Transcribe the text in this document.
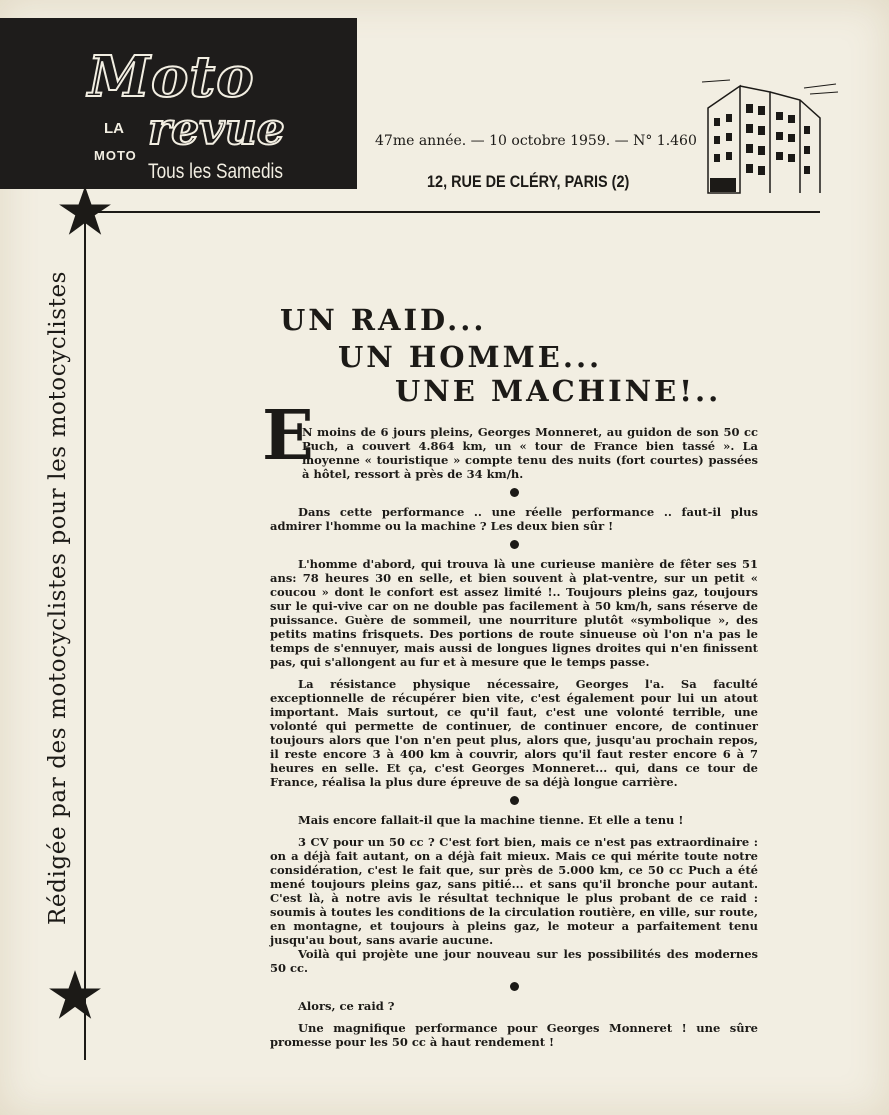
Moto
LA
MOTO
revue
Tous les Samedis
47me année. — 10 octobre 1959. — N° 1.460
12, RUE DE CLÉRY, PARIS (2)
Rédigée par des motocyclistes pour les motocyclistes	UN RAID...
UN HOMME...
UNE MACHINE!..
E

N moins de 6 jours pleins, Georges Monneret, au guidon de son 50 cc Puch, a couvert 4.864 km, un « tour de France bien tassé ». La moyenne « touristique » compte tenu des nuits (fort courtes) passées à hôtel, ressort à près de 34 km/h.

Dans cette performance .. une réelle performance .. faut-il plus admirer l'homme ou la machine ? Les deux bien sûr !

L'homme d'abord, qui trouva là une curieuse manière de fêter ses 51 ans: 78 heures 30 en selle, et bien souvent à plat-ventre, sur un petit « coucou » dont le confort est assez limité !.. Toujours pleins gaz, toujours sur le qui-vive car on ne double pas facilement à 50 km/h, sans réserve de puissance. Guère de sommeil, une nourriture plutôt «symbolique », des petits matins frisquets. Des portions de route sinueuse où l'on n'a pas le temps de s'ennuyer, mais aussi de longues lignes droites qui n'en finissent pas, qui s'allongent au fur et à mesure que le temps passe.

La résistance physique nécessaire, Georges l'a. Sa faculté exceptionnelle de récupérer bien vite, c'est également pour lui un atout important. Mais surtout, ce qu'il faut, c'est une volonté terrible, une volonté qui permette de continuer, de continuer encore, de continuer toujours alors que l'on n'en peut plus, alors que, jusqu'au prochain repos, il reste encore 3 à 400 km à couvrir, alors qu'il faut rester encore 6 à 7 heures en selle. Et ça, c'est Georges Monneret... qui, dans ce tour de France, réalisa la plus dure épreuve de sa déjà longue carrière.

Mais encore fallait-il que la machine tienne. Et elle a tenu !

3 CV pour un 50 cc ? C'est fort bien, mais ce n'est pas extraordinaire : on a déjà fait autant, on a déjà fait mieux. Mais ce qui mérite toute notre considération, c'est le fait que, sur près de 5.000 km, ce 50 cc Puch a été mené toujours pleins gaz, sans pitié... et sans qu'il bronche pour autant. C'est là, à notre avis le résultat technique le plus probant de ce raid : soumis à toutes les conditions de la circulation routière, en ville, sur route, en montagne, et toujours à pleins gaz, le moteur a parfaitement tenu jusqu'au bout, sans avarie aucune.

Voilà qui projète une jour nouveau sur les possibilités des modernes 50 cc.

Alors, ce raid ?

Une magnifique performance pour Georges Monneret ! une sûre promesse pour les 50 cc à haut rendement !
